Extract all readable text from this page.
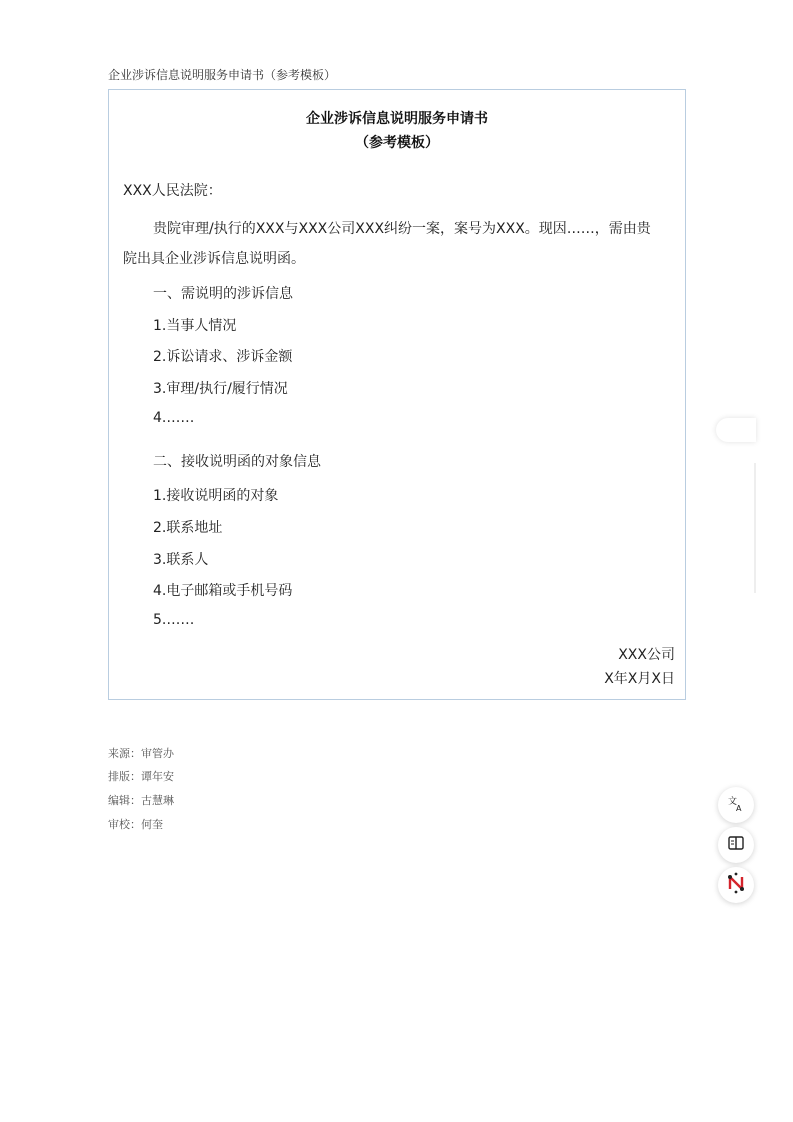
企业涉诉信息说明服务申请书（参考模板）
企业涉诉信息说明服务申请书
（参考模板）
XXX人民法院：
贵院审理/执行的XXX与XXX公司XXX纠纷一案，案号为XXX。现因……，需由贵
院出具企业涉诉信息说明函。
一、需说明的涉诉信息
1.当事人情况
2.诉讼请求、涉诉金额
3.审理/执行/履行情况
4.……
二、接收说明函的对象信息
1.接收说明函的对象
2.联系地址
3.联系人
4.电子邮箱或手机号码
5.……
XXX公司
X年X月X日
来源：审管办
排版：谭年安
编辑：古慧琳
审校：何奎
文
A
